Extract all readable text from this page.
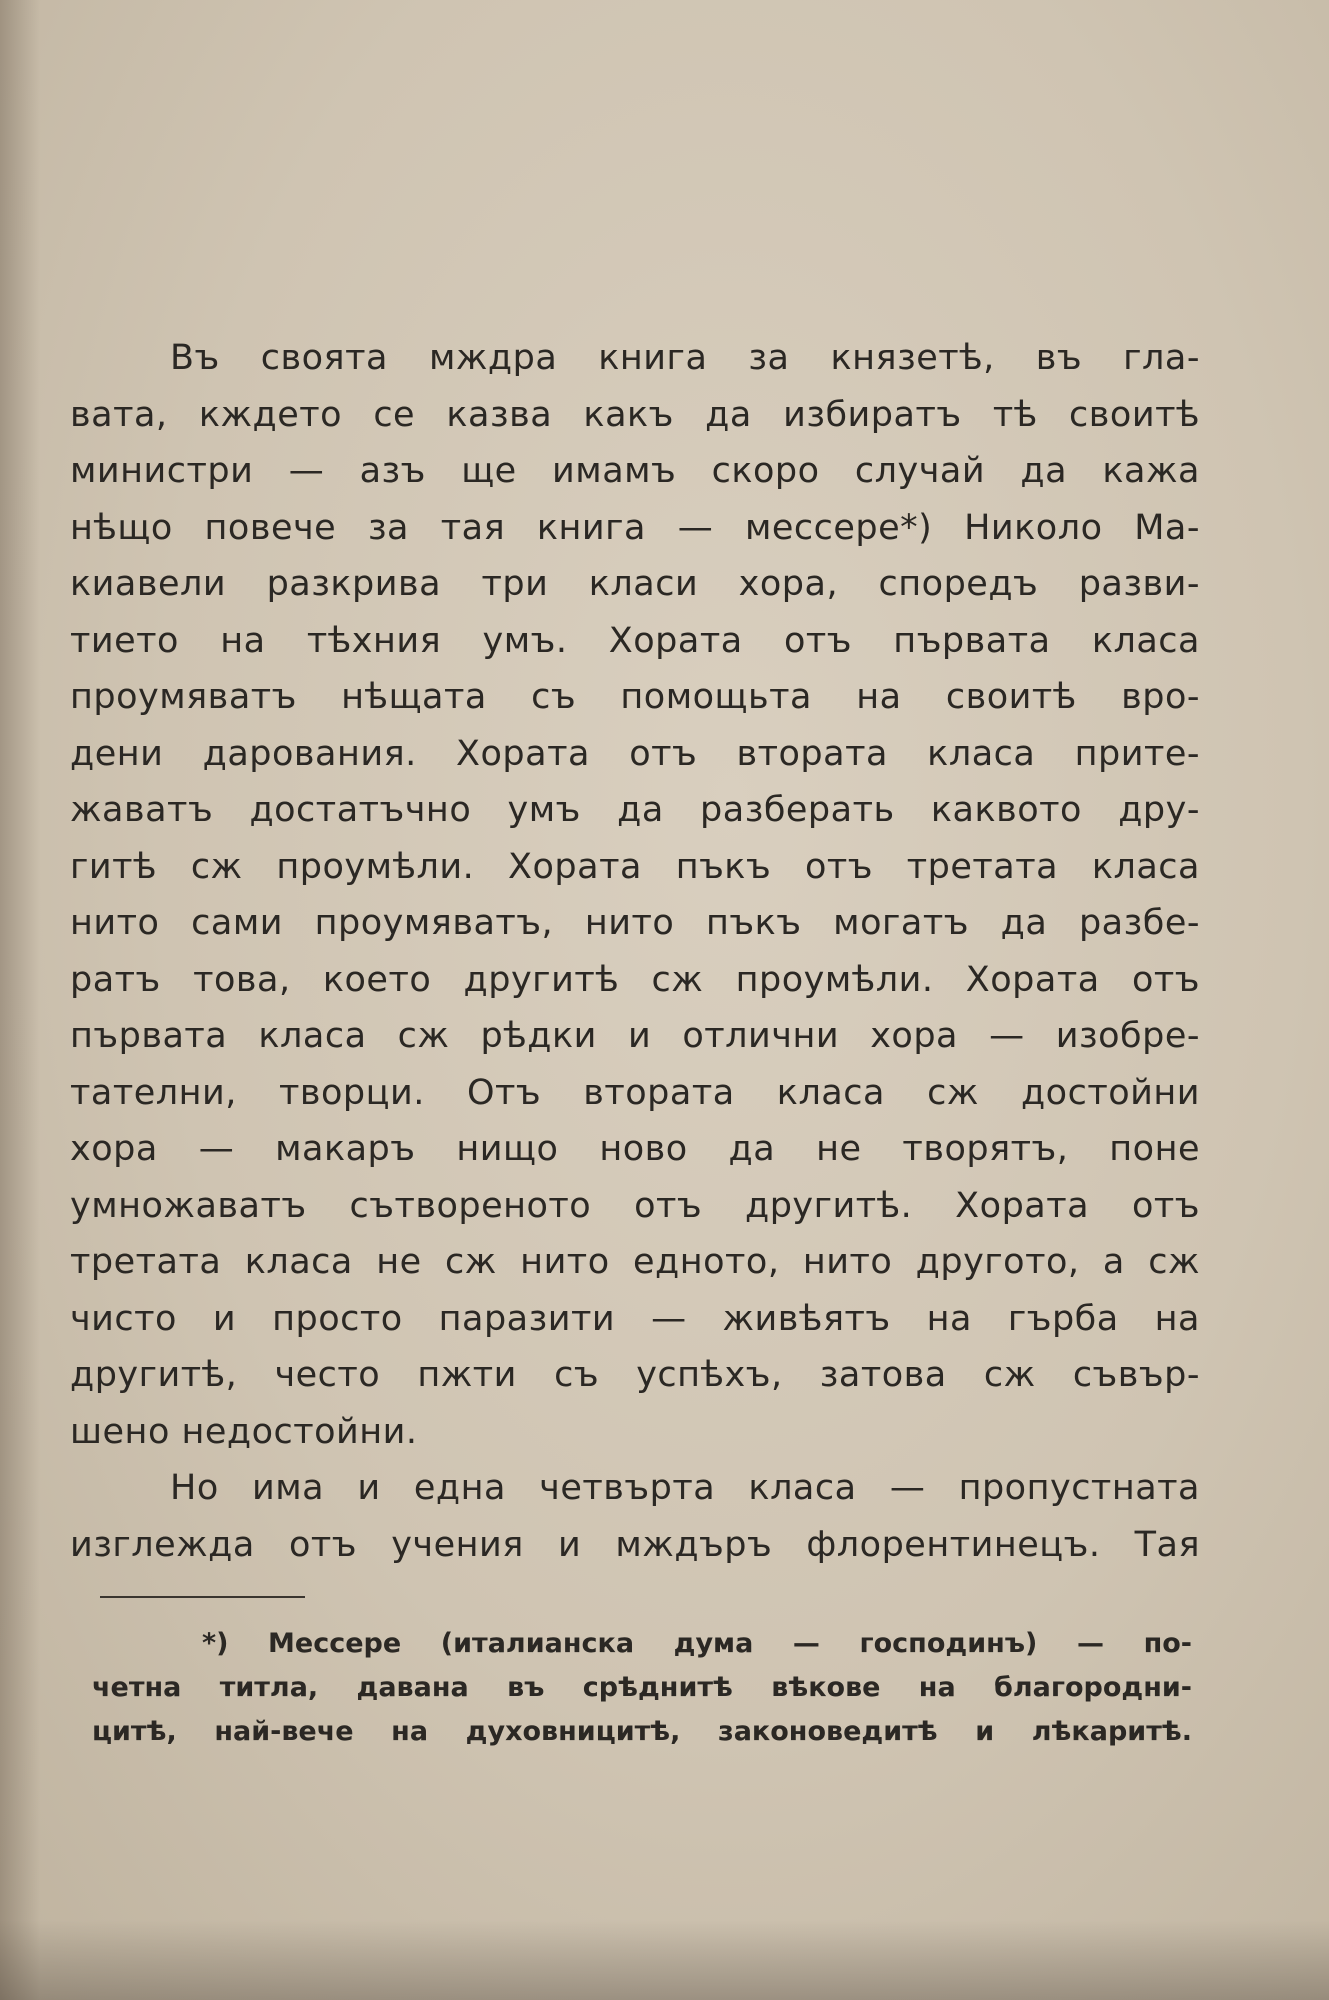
Въ своята мждра книга за князетѣ, въ гла-
вата, кждето се казва какъ да избиратъ тѣ своитѣ
министри — азъ ще имамъ скоро случай да кажа
нѣщо повече за тая книга — мессере*) Николо Ма-
киавели разкрива три класи хора, споредъ разви-
тието на тѣхния умъ. Хората отъ първата класа
проумяватъ нѣщата съ помощьта на своитѣ вро-
дени дарования. Хората отъ втората класа прите-
жаватъ достатъчно умъ да разберать каквото дру-
гитѣ сж проумѣли. Хората пъкъ отъ третата класа
нито сами проумяватъ, нито пъкъ могатъ да разбе-
ратъ това, което другитѣ сж проумѣли. Хората отъ
първата класа сж рѣдки и отлични хора — изобре-
тателни, творци. Отъ втората класа сж достойни
хора — макаръ нищо ново да не творятъ, поне
умножаватъ сътвореното отъ другитѣ. Хората отъ
третата класа не сж нито едното, нито другото, а сж
чисто и просто паразити — живѣятъ на гърба на
другитѣ, често пжти съ успѣхъ, затова сж съвър-
шено недостойни.
Но има и една четвърта класа — пропустната
изглежда отъ учения и мждъръ флорентинецъ. Тая
*) Мессере (италианска дума — господинъ) — по-
четна титла, давана въ срѣднитѣ вѣкове на благородни-
цитѣ, най-вече на духовницитѣ, законоведитѣ и лѣкаритѣ.
